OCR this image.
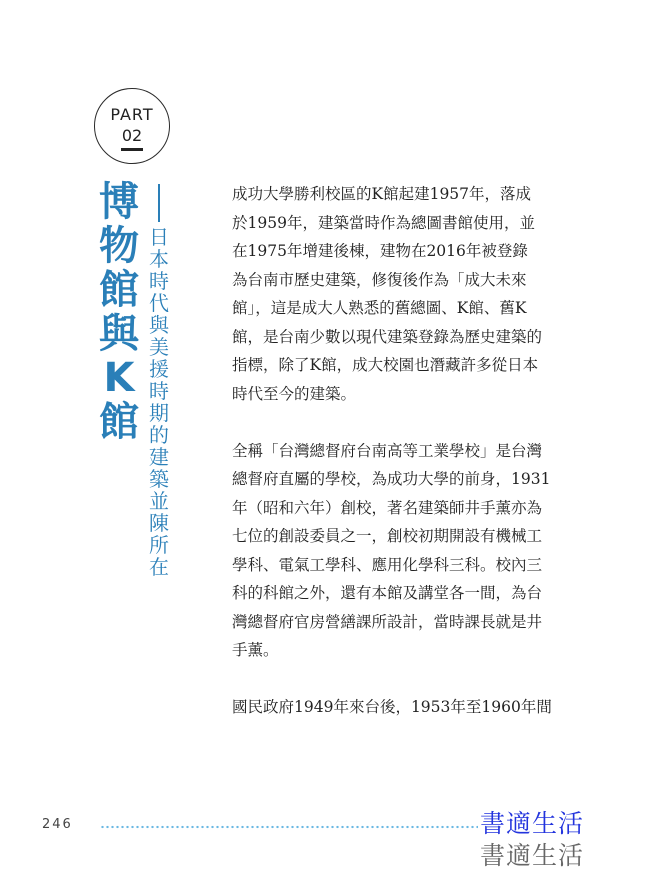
PART
02
博
物
館
與
K
館
日
本
時
代
與
美
援
時
期
的
建
築
並
陳
所
在
成功大學勝利校區的K館起建1957年，落成
於1959年，建築當時作為總圖書館使用，並
在1975年增建後棟，建物在2016年被登錄
為台南市歷史建築，修復後作為「成大未來
館」，這是成大人熟悉的舊總圖、K館、舊K
館，是台南少數以現代建築登錄為歷史建築的
指標，除了K館，成大校園也潛藏許多從日本
時代至今的建築。
全稱「台灣總督府台南高等工業學校」是台灣
總督府直屬的學校，為成功大學的前身，1931
年（昭和六年）創校，著名建築師井手薰亦為
七位的創設委員之一，創校初期開設有機械工
學科、電氣工學科、應用化學科三科。校內三
科的科館之外，還有本館及講堂各一間，為台
灣總督府官房營繕課所設計，當時課長就是井
手薰。
國民政府1949年來台後，1953年至1960年間
246	書適生活
書適生活
